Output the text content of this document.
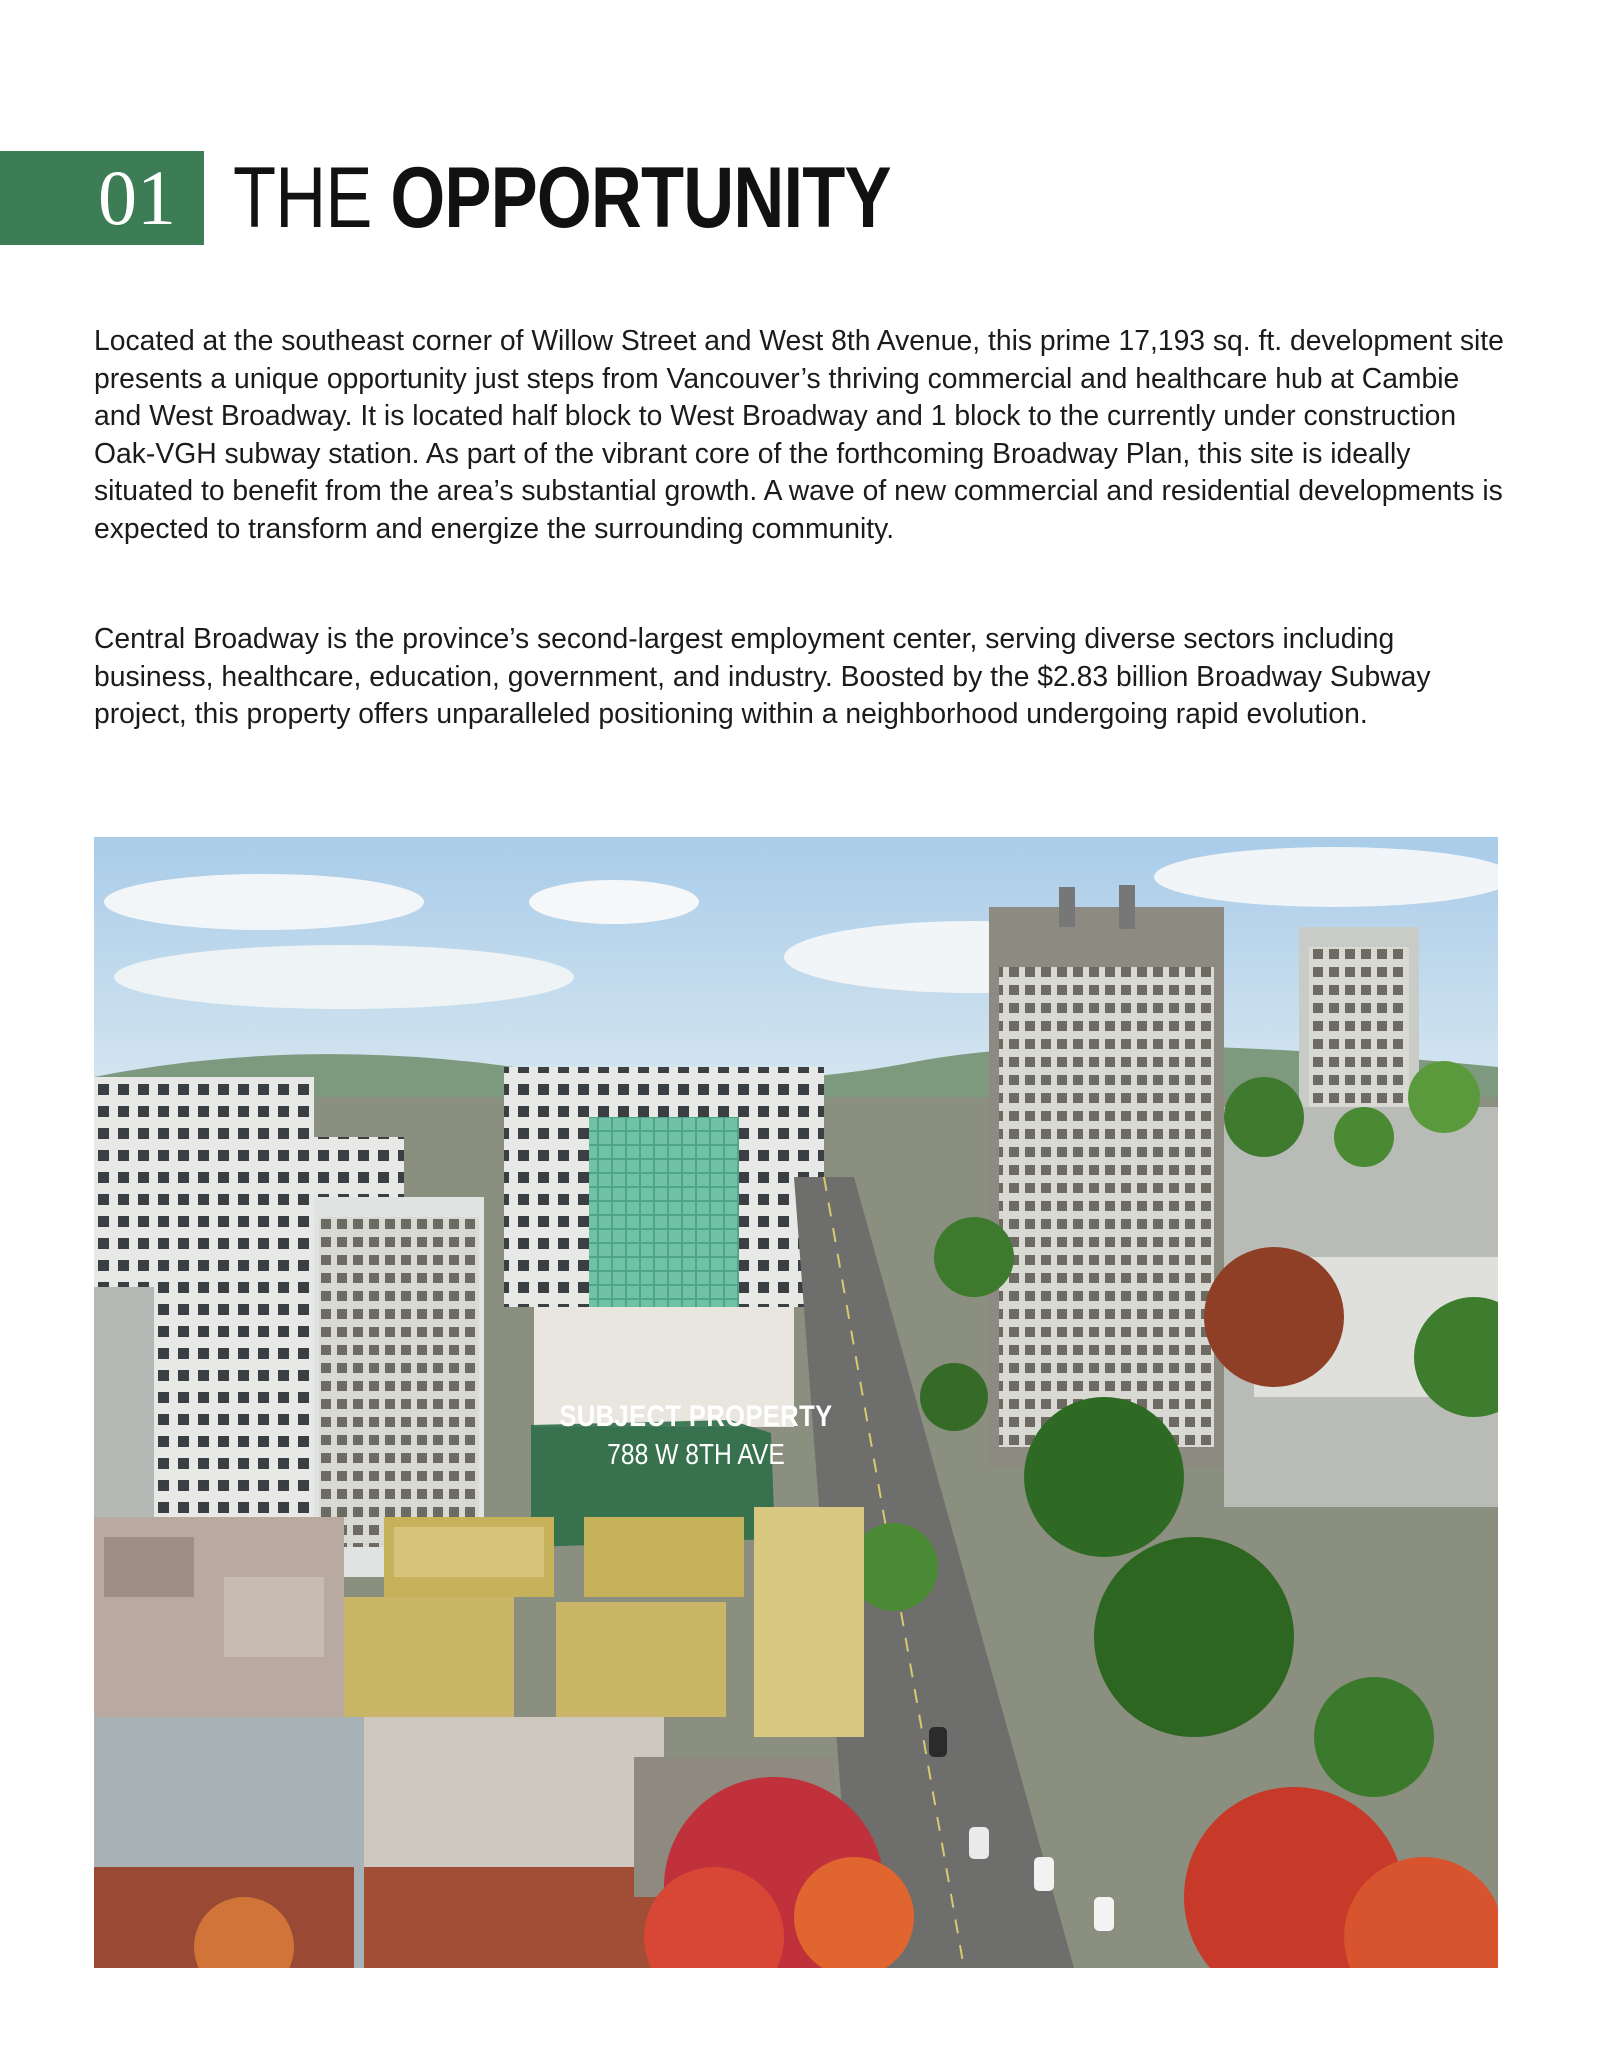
01 THE OPPORTUNITY

Located at the southeast corner of Willow Street and West 8th Avenue, this prime 17,193 sq. ft. development site presents a unique opportunity just steps from Vancouver’s thriving commercial and healthcare hub at Cambie and West Broadway. It is located half block to West Broadway and 1 block to the currently under construction Oak-VGH subway station. As part of the vibrant core of the forthcoming Broadway Plan, this site is ideally situated to benefit from the area’s substantial growth. A wave of new commercial and residential developments is expected to transform and energize the surrounding community.

Central Broadway is the province’s second-largest employment center, serving diverse sectors including business, healthcare, education, government, and industry. Boosted by the $2.83 billion Broadway Subway project, this property offers unparalleled positioning within a neighborhood undergoing rapid evolution.

SUBJECT PROPERTY
788 W 8TH AVE
